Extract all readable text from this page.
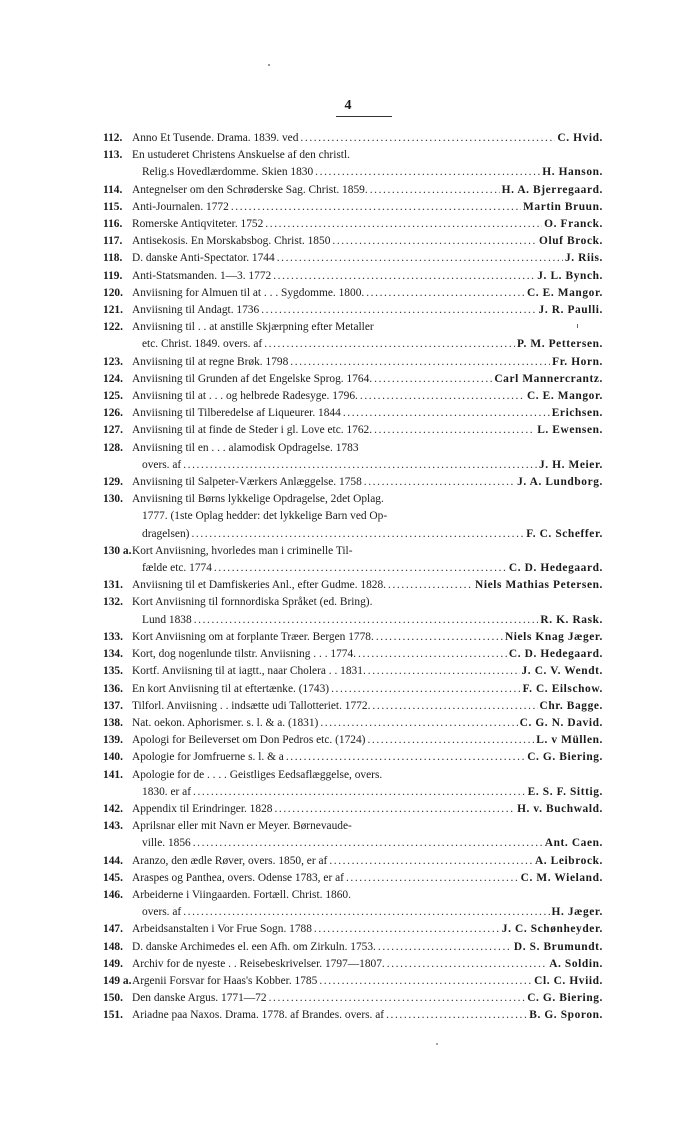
4
112. Anno Et Tusende. Drama. 1839. ved .....	C. Hvid.
113. En ustuderet Christens Anskuelse af den christl.
Relig.s Hovedlærdomme. Skien 1830 .....	H. Hanson.
114. Antegnelser om den Schrøderske Sag. Christ. 1859. .....	H. A. Bjerregaard.
115. Anti-Journalen. 1772 .....	Martin Bruun.
116. Romerske Antiqviteter. 1752 .....	O. Franck.
117. Antisekosis. En Morskabsbog. Christ. 1850 .....	Oluf Brock.
118. D. danske Anti-Spectator. 1744 .....	J. Riis.
119. Anti-Statsmanden. 1—3. 1772 .....	J. L. Bynch.
120. Anviisning for Almuen til at . . . Sygdomme. 1800. .....	C. E. Mangor.
121. Anviisning til Andagt. 1736 .....	J. R. Paulli.
122. Anviisning til . . at anstille Skjærpning efter Metaller
etc. Christ. 1849. overs. af .....	P. M. Pettersen.
123. Anviisning til at regne Brøk. 1798 .....	Fr. Horn.
124. Anviisning til Grunden af det Engelske Sprog. 1764. .....	Carl Mannercrantz.
125. Anviisning til at . . . og helbrede Radesyge. 1796. .....	C. E. Mangor.
126. Anviisning til Tilberedelse af Liqueurer. 1844 .....	Erichsen.
127. Anviisning til at finde de Steder i gl. Love etc. 1762. .....	L. Ewensen.
128. Anviisning til en . . . alamodisk Opdragelse. 1783
overs. af .....	J. H. Meier.
129. Anviisning til Salpeter-Værkers Anlæggelse. 1758 .....	J. A. Lundborg.
130. Anviisning til Børns lykkelige Opdragelse, 2det Oplag.
1777. (1ste Oplag hedder: det lykkelige Barn ved Op-
dragelsen) .....	F. C. Scheffer.
130 a. Kort Anviisning, hvorledes man i criminelle Til-
fælde etc. 1774 .....	C. D. Hedegaard.
131. Anviisning til et Damfiskeries Anl., efter Gudme. 1828. .....	Niels Mathias Petersen.
132. Kort Anviisning til fornnordiska Språket (ed. Bring).
Lund 1838 .....	R. K. Rask.
133. Kort Anviisning om at forplante Træer. Bergen 1778. .....	Niels Knag Jæger.
134. Kort, dog nogenlunde tilstr. Anviisning . . . 1774. .....	C. D. Hedegaard.
135. Kortf. Anviisning til at iagtt., naar Cholera . . 1831. .....	J. C. V. Wendt.
136. En kort Anviisning til at eftertænke. (1743) .....	F. C. Eilschow.
137. Tilforl. Anviisning . . indsætte udi Tallotteriet. 1772. .....	Chr. Bagge.
138. Nat. oekon. Aphorismer. s. l. & a. (1831) .....	C. G. N. David.
139. Apologi for Beileverset om Don Pedros etc. (1724) .....	L. v Müllen.
140. Apologie for Jomfruerne s. l. & a .....	C. G. Biering.
141. Apologie for de . . . . Geistliges Eedsaflæggelse, overs.
1830. er af .....	E. S. F. Sittig.
142. Appendix til Erindringer. 1828 .....	H. v. Buchwald.
143. Aprilsnar eller mit Navn er Meyer. Børnevaude-
ville. 1856 .....	Ant. Caen.
144. Aranzo, den ædle Røver, overs. 1850, er af .....	A. Leibrock.
145. Araspes og Panthea, overs. Odense 1783, er af .....	C. M. Wieland.
146. Arbeiderne i Viingaarden. Fortæll. Christ. 1860.
overs. af .....	H. Jæger.
147. Arbeidsanstalten i Vor Frue Sogn. 1788 .....	J. C. Schønheyder.
148. D. danske Archimedes el. een Afh. om Zirkuln. 1753. .....	D. S. Brumundt.
149. Archiv for de nyeste . . Reisebeskrivelser. 1797—1807. .....	A. Soldin.
149 a. Argenii Forsvar for Haas's Kobber. 1785 .....	Cl. C. Hviid.
150. Den danske Argus. 1771—72 .....	C. G. Biering.
151. Ariadne paa Naxos. Drama. 1778. af Brandes. overs. af .....	B. G. Sporon.
